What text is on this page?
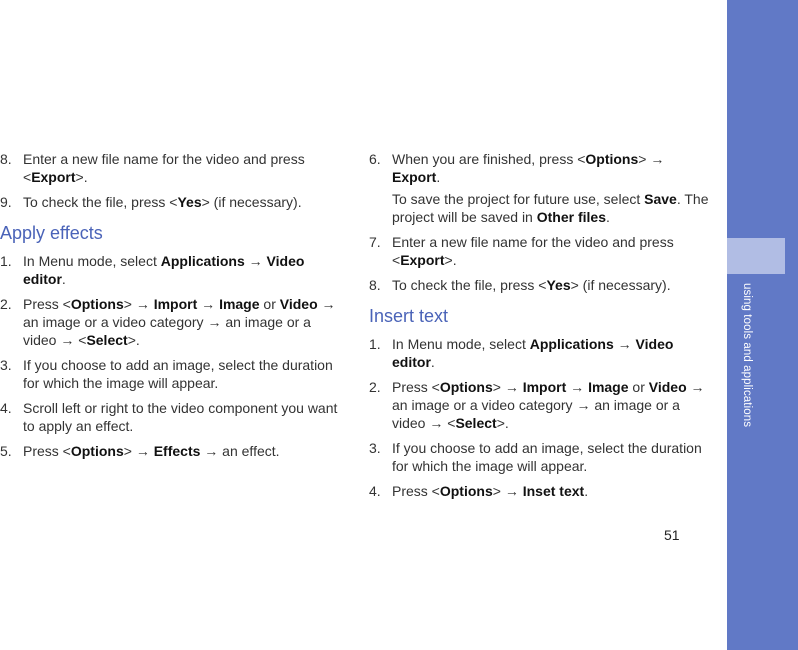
using tools and applications
51
8. Enter a new file name for the video and press <Export>.
9. To check the file, press <Yes> (if necessary).
Apply effects
1. In Menu mode, select Applications → Video editor.
2. Press <Options> → Import → Image or Video → an image or a video category → an image or a video → <Select>.
3. If you choose to add an image, select the duration for which the image will appear.
4. Scroll left or right to the video component you want to apply an effect.
5. Press <Options> → Effects → an effect.
6. When you are finished, press <Options> → Export.
To save the project for future use, select Save. The project will be saved in Other files.
7. Enter a new file name for the video and press <Export>.
8. To check the file, press <Yes> (if necessary).
Insert text
1. In Menu mode, select Applications → Video editor.
2. Press <Options> → Import → Image or Video → an image or a video category → an image or a video → <Select>.
3. If you choose to add an image, select the duration for which the image will appear.
4. Press <Options> → Inset text.
